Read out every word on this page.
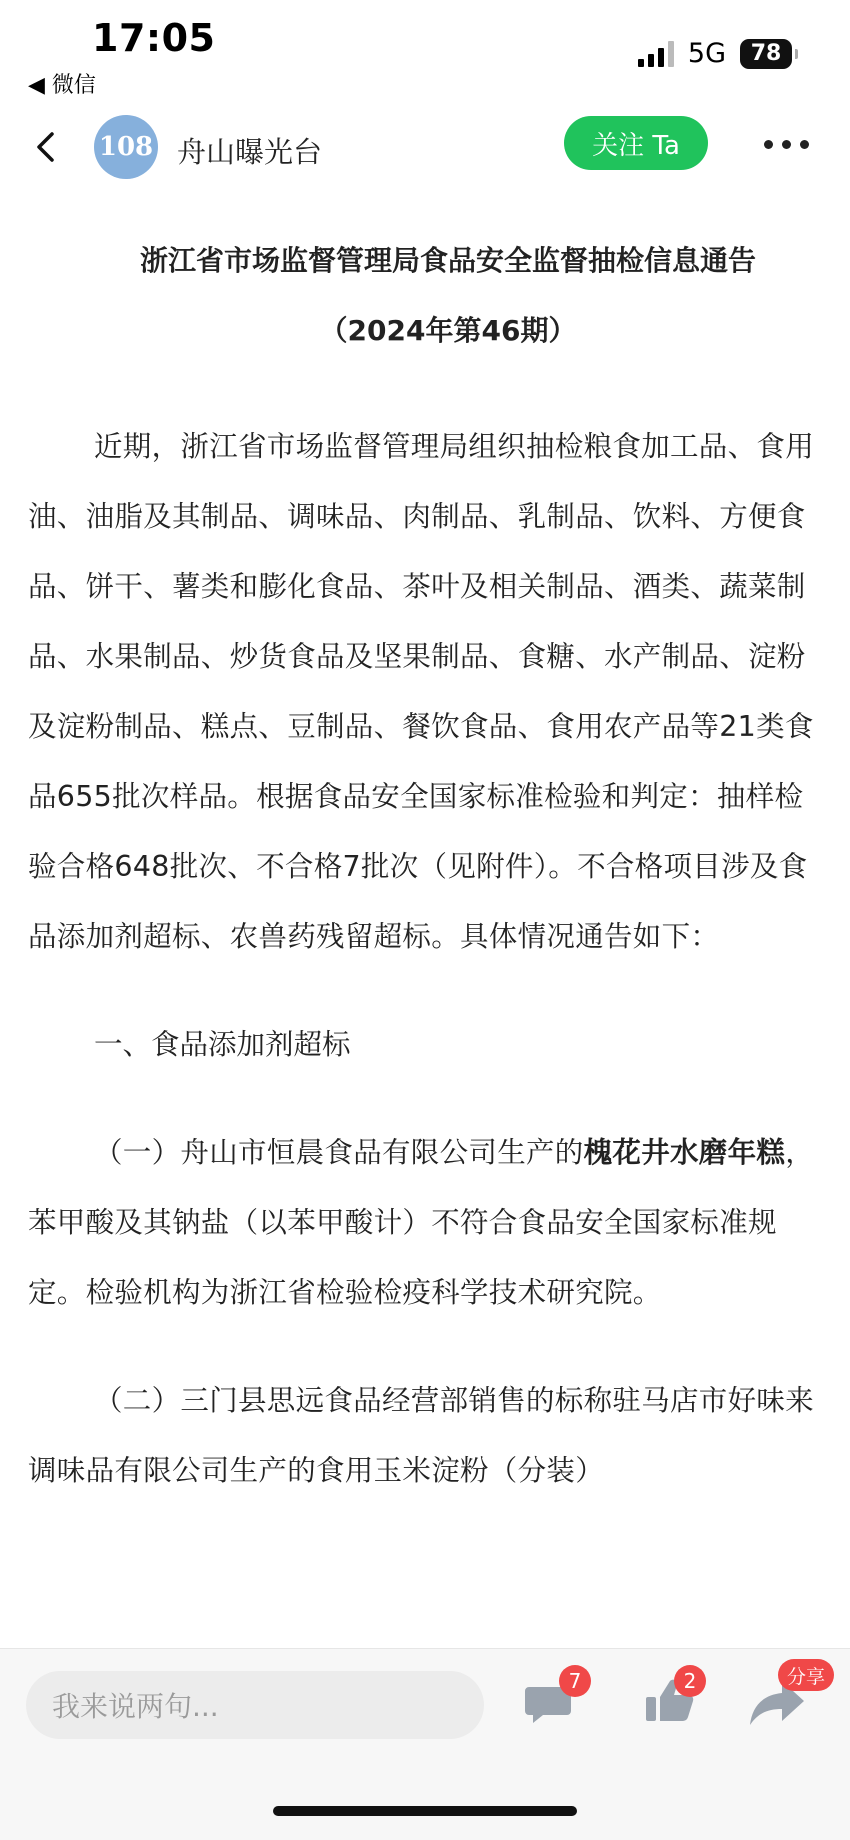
17:05
◀ 微信
5G 78
108 舟山曝光台	关注 Ta

浙江省市场监督管理局食品安全监督抽检信息通告

（2024年第46期）

近期，浙江省市场监督管理局组织抽检粮食加工品、食用油、油脂及其制品、调味品、肉制品、乳制品、饮料、方便食品、饼干、薯类和膨化食品、茶叶及相关制品、酒类、蔬菜制品、水果制品、炒货食品及坚果制品、食糖、水产制品、淀粉及淀粉制品、糕点、豆制品、餐饮食品、食用农产品等21类食品655批次样品。根据食品安全国家标准检验和判定：抽样检验合格648批次、不合格7批次（见附件）。不合格项目涉及食品添加剂超标、农兽药残留超标。具体情况通告如下：

一、食品添加剂超标

（一）舟山市恒晨食品有限公司生产的槐花井水磨年糕，苯甲酸及其钠盐（以苯甲酸计）不符合食品安全国家标准规定。检验机构为浙江省检验检疫科学技术研究院。

（二）三门县思远食品经营部销售的标称驻马店市好味来调味品有限公司生产的食用玉米淀粉（分装）

我来说两句...
7	2	分享
